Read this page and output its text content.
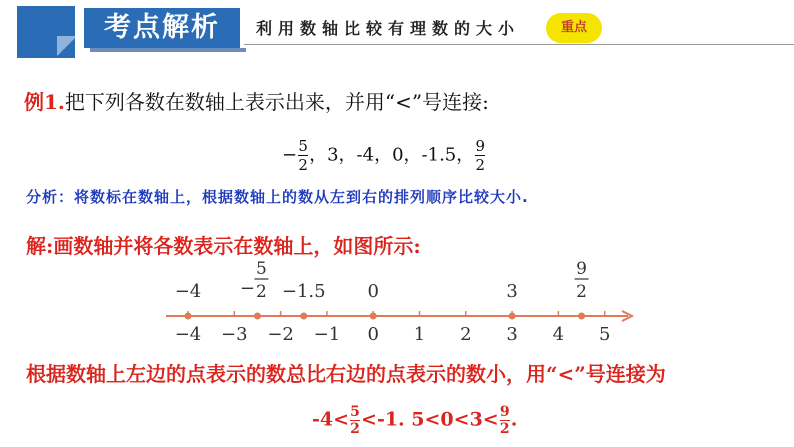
考点解析	利用数轴比较有理数的大小	重点
例1.把下列各数在数轴上表示出来，并用“<”号连接:
− $\frac{5}{2}$ ，3，-4，0，-1.5， $\frac{9}{2}$
分析：将数标在数轴上，根据数轴上的数从左到右的排列顺序比较大小.
解:画数轴并将各数表示在数轴上，如图所示:
−4 −3 −2 −1 0 1 2 3 4 5
−4 −
5
2 −1.5 0	3
9
2
根据数轴上左边的点表示的数总比右边的点表示的数小，用“<”号连接为
$-4< \frac{5}{2} <-1$. $5<0<3< \frac{9}{2}$ .
